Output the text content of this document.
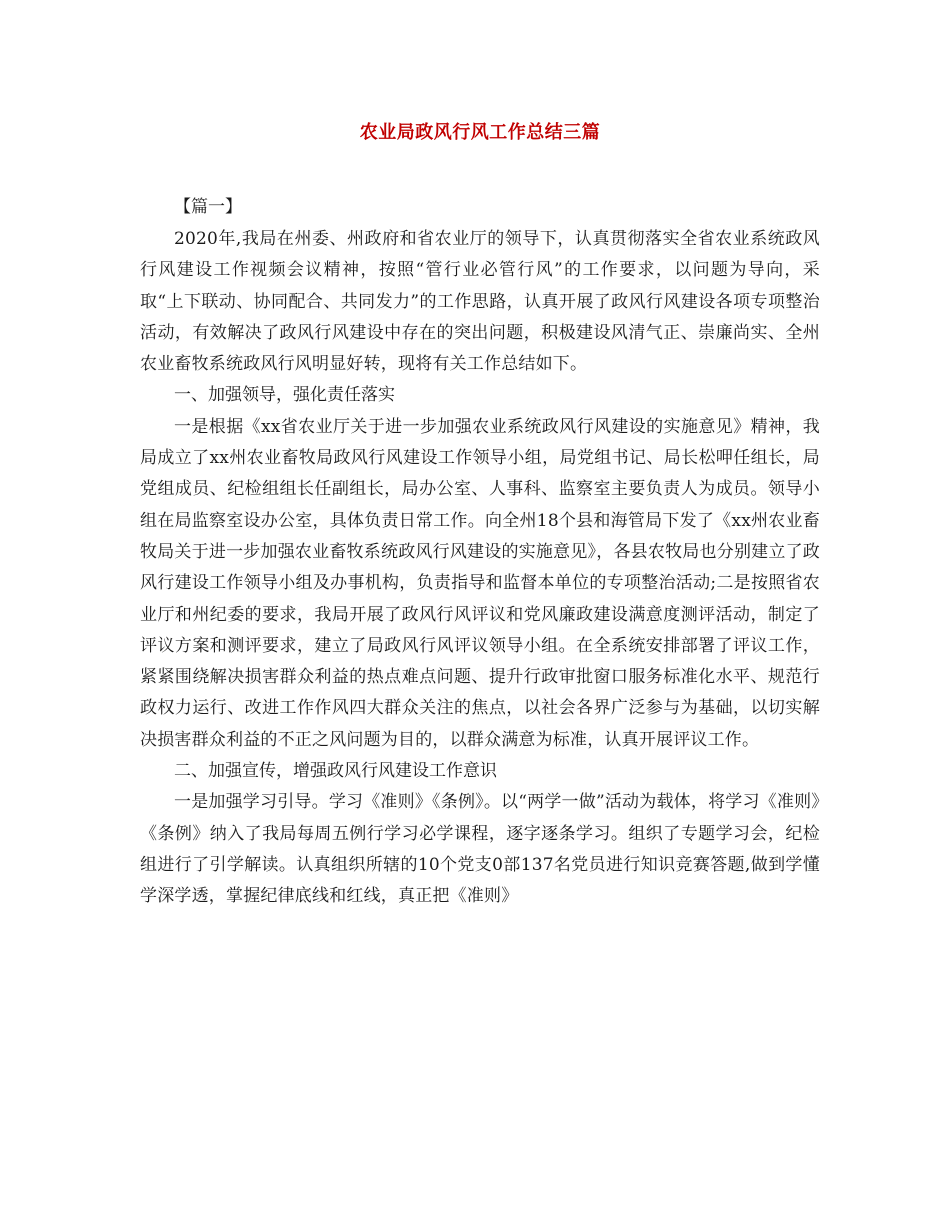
农业局政风行风工作总结三篇
【篇一】

2020年,我局在州委、州政府和省农业厅的领导下，认真贯彻落实全省农业系统政风行风建设工作视频会议精神，按照“管行业必管行风”的工作要求，以问题为导向，采取“上下联动、协同配合、共同发力”的工作思路，认真开展了政风行风建设各项专项整治活动，有效解决了政风行风建设中存在的突出问题，积极建设风清气正、崇廉尚实、全州农业畜牧系统政风行风明显好转，现将有关工作总结如下。

一、加强领导，强化责任落实

一是根据《xx省农业厅关于进一步加强农业系统政风行风建设的实施意见》精神，我局成立了xx州农业畜牧局政风行风建设工作领导小组，局党组书记、局长松呷任组长，局党组成员、纪检组组长任副组长，局办公室、人事科、监察室主要负责人为成员。领导小组在局监察室设办公室，具体负责日常工作。向全州18个县和海管局下发了《xx州农业畜牧局关于进一步加强农业畜牧系统政风行风建设的实施意见》，各县农牧局也分别建立了政风行建设工作领导小组及办事机构，负责指导和监督本单位的专项整治活动;二是按照省农业厅和州纪委的要求，我局开展了政风行风评议和党风廉政建设满意度测评活动，制定了评议方案和测评要求，建立了局政风行风评议领导小组。在全系统安排部署了评议工作，紧紧围绕解决损害群众利益的热点难点问题、提升行政审批窗口服务标准化水平、规范行政权力运行、改进工作作风四大群众关注的焦点，以社会各界广泛参与为基础，以切实解决损害群众利益的不正之风问题为目的，以群众满意为标准，认真开展评议工作。

二、加强宣传，增强政风行风建设工作意识

一是加强学习引导。学习《准则》《条例》。以“两学一做”活动为载体，将学习《准则》《条例》纳入了我局每周五例行学习必学课程，逐字逐条学习。组织了专题学习会，纪检组进行了引学解读。认真组织所辖的10个党支0部137名党员进行知识竞赛答题,做到学懂学深学透，掌握纪律底线和红线，真正把《准则》
